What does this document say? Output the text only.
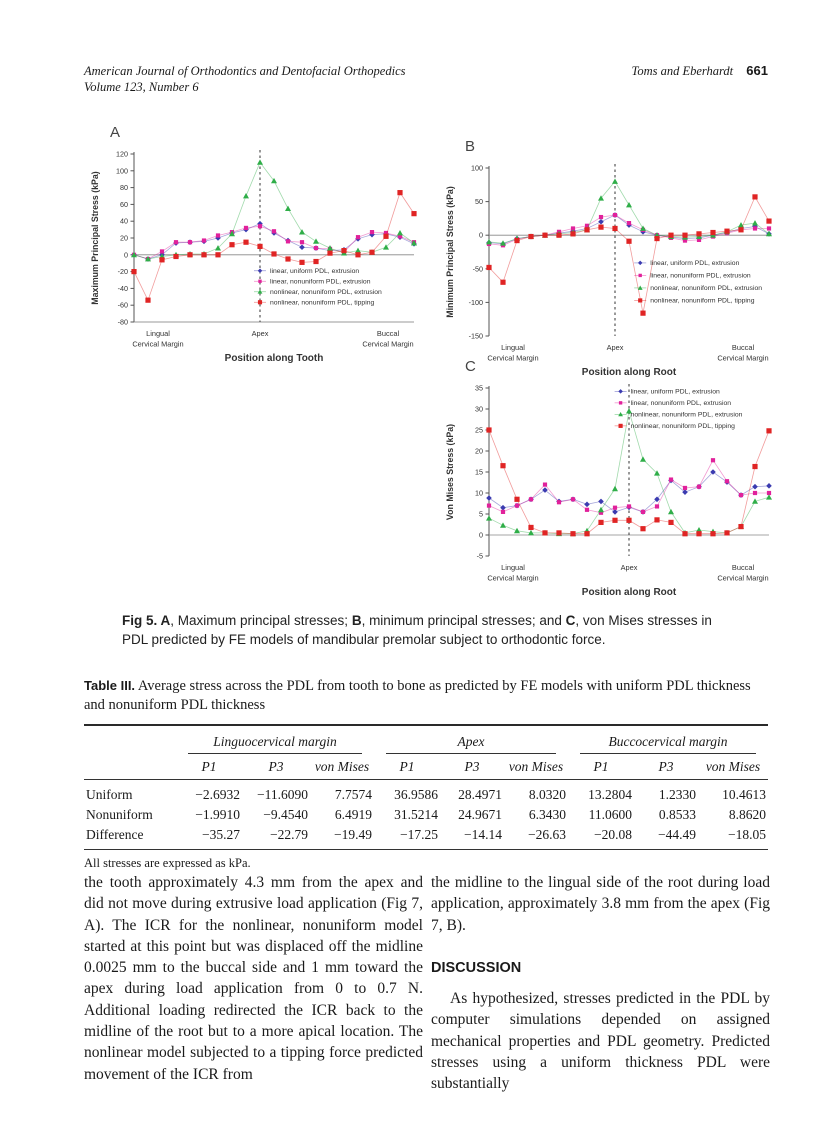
American Journal of Orthodontics and Dentofacial Orthopedics
Volume 123, Number 6
Toms and Eberhardt 661
A
120
100
80
60
40
20
0
-20
-40
-60
-80
linear, uniform PDL, extrusion
linear, nonuniform PDL, extrusion
nonlinear, nonuniform PDL, extrusion
nonlinear, nonuniform PDL, tipping
Lingual
Cervical Margin
Apex	Buccal
Cervical Margin
Position along Tooth
Maximum Principal Stress (kPa)
B
100
50
0
-50
-100
-150
linear, uniform PDL, extrusion
linear, nonuniform PDL, extrusion
nonlinear, nonuniform PDL, extrusion
nonlinear, nonuniform PDL, tipping
Lingual
Cervical Margin
Apex	Buccal
Cervical Margin
Position along Root
Minimum Principal Stress (kPa)
C
35
30
25
20
15
10
5
0
-5
linear, uniform PDL, extrusion
linear, nonuniform PDL, extrusion
nonlinear, nonuniform PDL, extrusion
nonlinear, nonuniform PDL, tipping
Lingual
Cervical Margin
Apex	Buccal
Cervical Margin
Position along Root
Von Mises Stress (kPa)
Fig 5. A, Maximum principal stresses; B, minimum principal stresses; and C, von Mises stresses in PDL predicted by FE models of mandibular premolar subject to orthodontic force.
Table III. Average stress across the PDL from tooth to bone as predicted by FE models with uniform PDL thickness and nonuniform PDL thickness

	Linguocervical margin			Apex			Buccocervical margin		

	P1	P3	von Mises	P1	P3	von Mises	P1	P3	von Mises
Uniform	−2.6932	−11.6090	7.7574	36.9586	28.4971	8.0320	13.2804	1.2330	10.4613
Nonuniform	−1.9910	−9.4540	6.4919	31.5214	24.9671	6.3430	11.0600	0.8533	8.8620
Difference	−35.27	−22.79	−19.49	−17.25	−14.14	−26.63	−20.08	−44.49	−18.05
All stresses are expressed as kPa.

the tooth approximately 4.3 mm from the apex and did not move during extrusive load application (Fig 7, A). The ICR for the nonlinear, nonuniform model started at this point but was displaced off the midline 0.0025 mm to the buccal side and 1 mm toward the apex during load application from 0 to 0.7 N. Additional loading redirected the ICR back to the midline of the root but to a more apical location. The nonlinear model subjected to a tipping force predicted movement of the ICR from

the midline to the lingual side of the root during load application, approximately 3.8 mm from the apex (Fig 7, B).

DISCUSSION

As hypothesized, stresses predicted in the PDL by computer simulations depended on assigned mechanical properties and PDL geometry. Predicted stresses using a uniform thickness PDL were substantially
